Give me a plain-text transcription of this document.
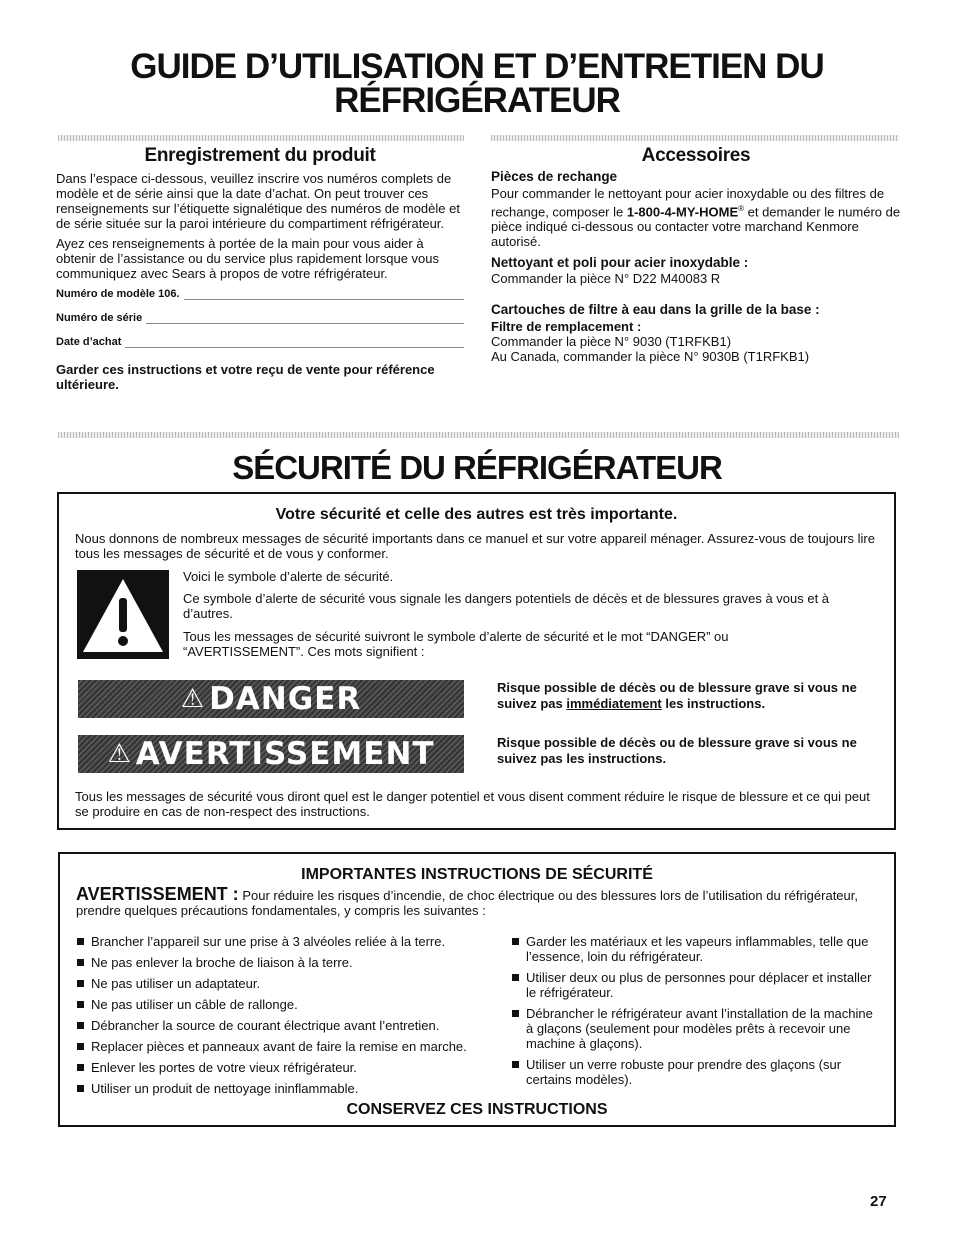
GUIDE D’UTILISATION ET D’ENTRETIEN DU
RÉFRIGÉRATEUR
Enregistrement du produit
Dans l’espace ci-dessous, veuillez inscrire vos numéros complets de modèle et de série ainsi que la date d’achat. On peut trouver ces renseignements sur l’étiquette signalétique des numéros de modèle et de série située sur la paroi intérieure du compartiment réfrigérateur.
Ayez ces renseignements à portée de la main pour vous aider à obtenir de l’assistance ou du service plus rapidement lorsque vous communiquez avec Sears à propos de votre réfrigérateur.
Numéro de modèle 106.
Numéro de série
Date d’achat
Garder ces instructions et votre reçu de vente pour référence ultérieure.
Accessoires
Pièces de rechange
Pour commander le nettoyant pour acier inoxydable ou des filtres de rechange, composer le 1-800-4-MY-HOME® et demander le numéro de pièce indiqué ci-dessous ou contacter votre marchand Kenmore autorisé.
Nettoyant et poli pour acier inoxydable :
Commander la pièce N° D22 M40083 R
Cartouches de filtre à eau dans la grille de la base :
Filtre de remplacement :
Commander la pièce N° 9030 (T1RFKB1)
Au Canada, commander la pièce N° 9030B (T1RFKB1)
SÉCURITÉ DU RÉFRIGÉRATEUR
Votre sécurité et celle des autres est très importante.
Nous donnons de nombreux messages de sécurité importants dans ce manuel et sur votre appareil ménager. Assurez-vous de toujours lire tous les messages de sécurité et de vous y conformer.
Voici le symbole d’alerte de sécurité.
Ce symbole d’alerte de sécurité vous signale les dangers potentiels de décès et de blessures graves à vous et à d’autres.
Tous les messages de sécurité suivront le symbole d’alerte de sécurité et le mot “DANGER” ou “AVERTISSEMENT”. Ces mots signifient :
⚠ DANGER	Risque possible de décès ou de blessure grave si vous ne suivez pas immédiatement les instructions.
⚠ AVERTISSEMENT	Risque possible de décès ou de blessure grave si vous ne suivez pas les instructions.
Tous les messages de sécurité vous diront quel est le danger potentiel et vous disent comment réduire le risque de blessure et ce qui peut se produire en cas de non-respect des instructions.
IMPORTANTES INSTRUCTIONS DE SÉCURITÉ
AVERTISSEMENT : Pour réduire les risques d’incendie, de choc électrique ou des blessures lors de l’utilisation du réfrigérateur, prendre quelques précautions fondamentales, y compris les suivantes :
Brancher l’appareil sur une prise à 3 alvéoles reliée à la terre.
Ne pas enlever la broche de liaison à la terre.
Ne pas utiliser un adaptateur.
Ne pas utiliser un câble de rallonge.
Débrancher la source de courant électrique avant l’entretien.
Replacer pièces et panneaux avant de faire la remise en marche.
Enlever les portes de votre vieux réfrigérateur.
Utiliser un produit de nettoyage ininflammable.
Garder les matériaux et les vapeurs inflammables, telle que l’essence, loin du réfrigérateur.
Utiliser deux ou plus de personnes pour déplacer et installer le réfrigérateur.
Débrancher le réfrigérateur avant l’installation de la machine à glaçons (seulement pour modèles prêts à recevoir une machine à glaçons).
Utiliser un verre robuste pour prendre des glaçons (sur certains modèles).
CONSERVEZ CES INSTRUCTIONS
27
